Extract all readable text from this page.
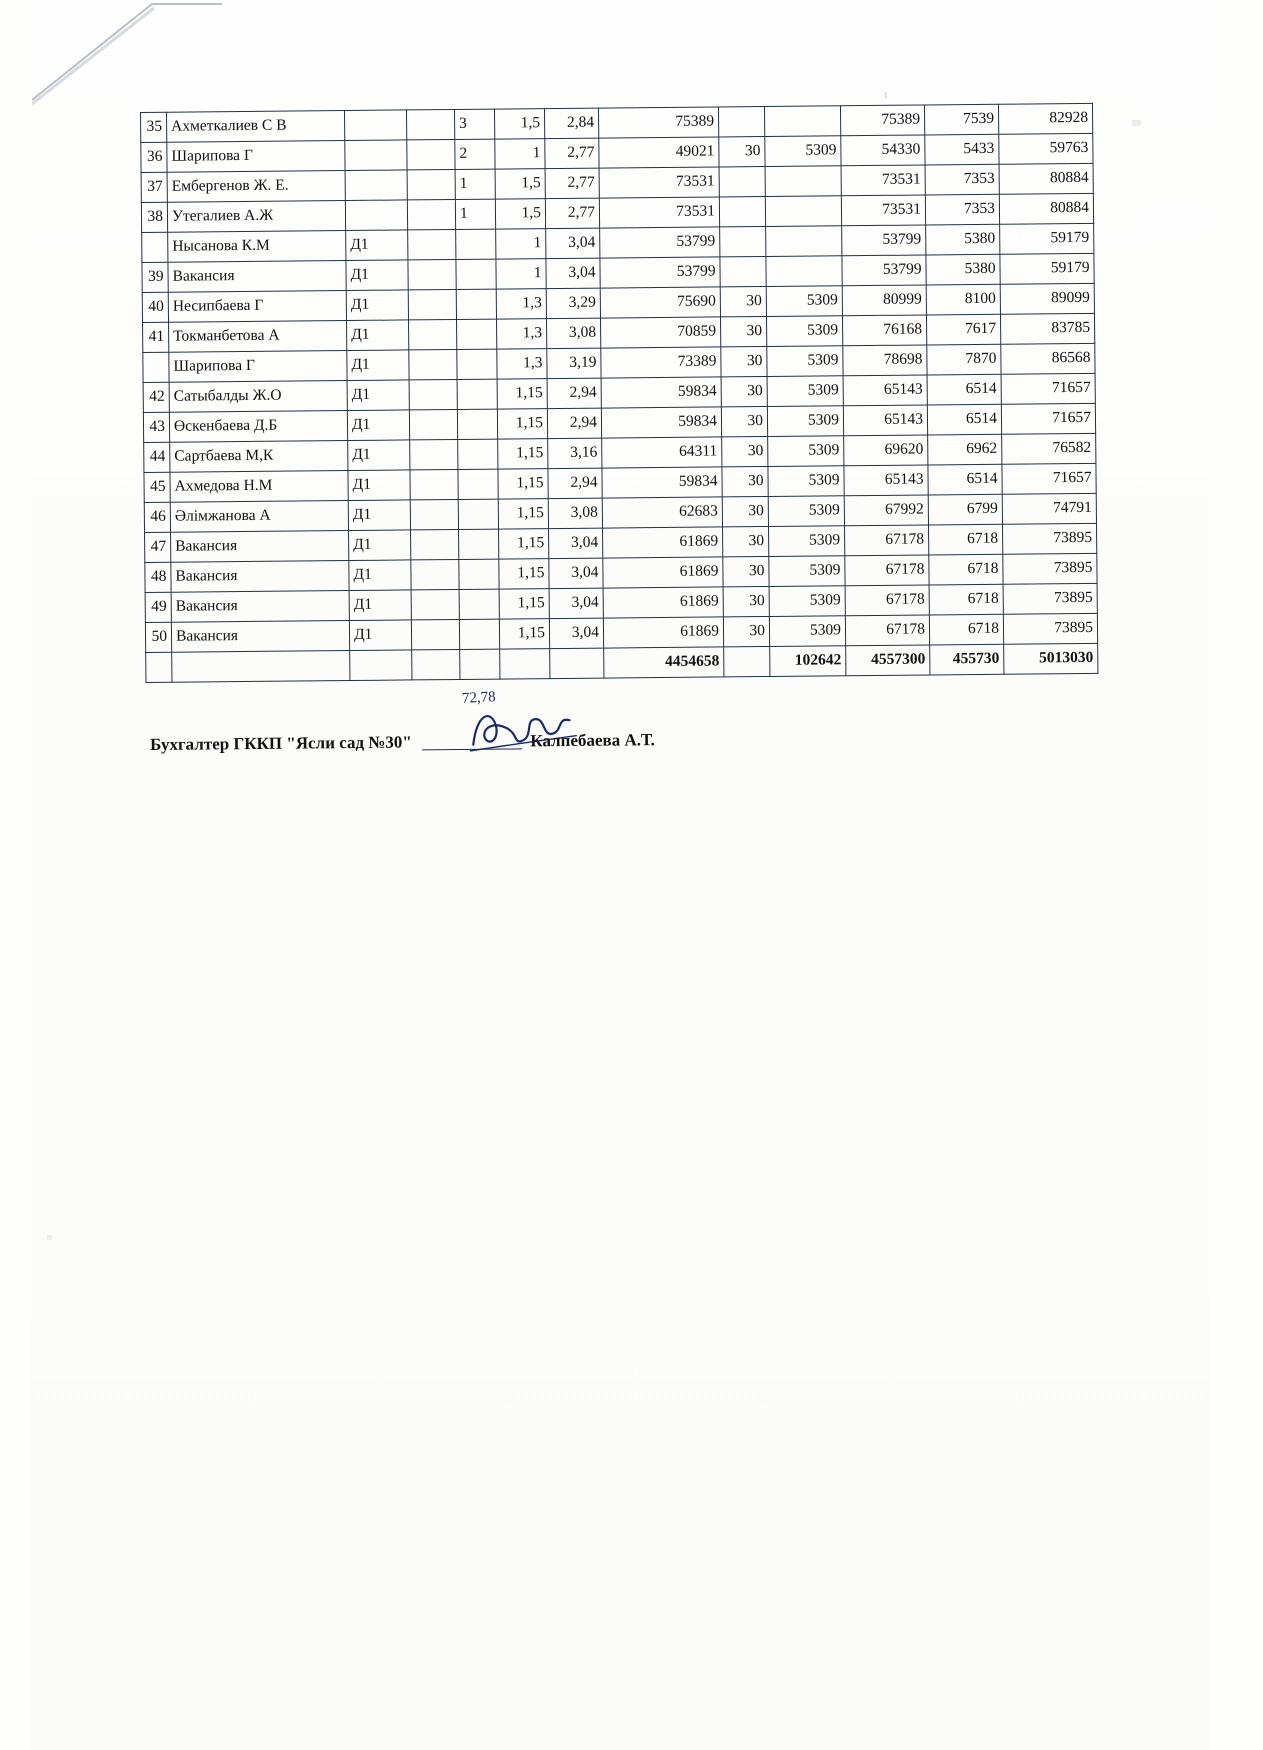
ı
35	Ахметкалиев С В			3	1,5	2,84	75389			75389	7539	82928
36	Шарипова Г			2	1	2,77	49021	30	5309	54330	5433	59763
37	Ембергенов Ж. Е.			1	1,5	2,77	73531			73531	7353	80884
38	Утегалиев А.Ж			1	1,5	2,77	73531			73531	7353	80884
	Нысанова К.М	Д1			1	3,04	53799			53799	5380	59179
39	Вакансия	Д1			1	3,04	53799			53799	5380	59179
40	Несипбаева Г	Д1			1,3	3,29	75690	30	5309	80999	8100	89099
41	Токманбетова А	Д1			1,3	3,08	70859	30	5309	76168	7617	83785
	Шарипова Г	Д1			1,3	3,19	73389	30	5309	78698	7870	86568
42	Сатыбалды Ж.О	Д1			1,15	2,94	59834	30	5309	65143	6514	71657
43	Өскенбаева Д.Б	Д1			1,15	2,94	59834	30	5309	65143	6514	71657
44	Сартбаева М,К	Д1			1,15	3,16	64311	30	5309	69620	6962	76582
45	Ахмедова Н.М	Д1			1,15	2,94	59834	30	5309	65143	6514	71657
46	Әлімжанова А	Д1			1,15	3,08	62683	30	5309	67992	6799	74791
47	Вакансия	Д1			1,15	3,04	61869	30	5309	67178	6718	73895
48	Вакансия	Д1			1,15	3,04	61869	30	5309	67178	6718	73895
49	Вакансия	Д1			1,15	3,04	61869	30	5309	67178	6718	73895
50	Вакансия	Д1			1,15	3,04	61869	30	5309	67178	6718	73895
							4454658		102642	4557300	455730	5013030
72,78
Бухгалтер ГККП "Ясли сад №30"	Калпебаева А.Т.
